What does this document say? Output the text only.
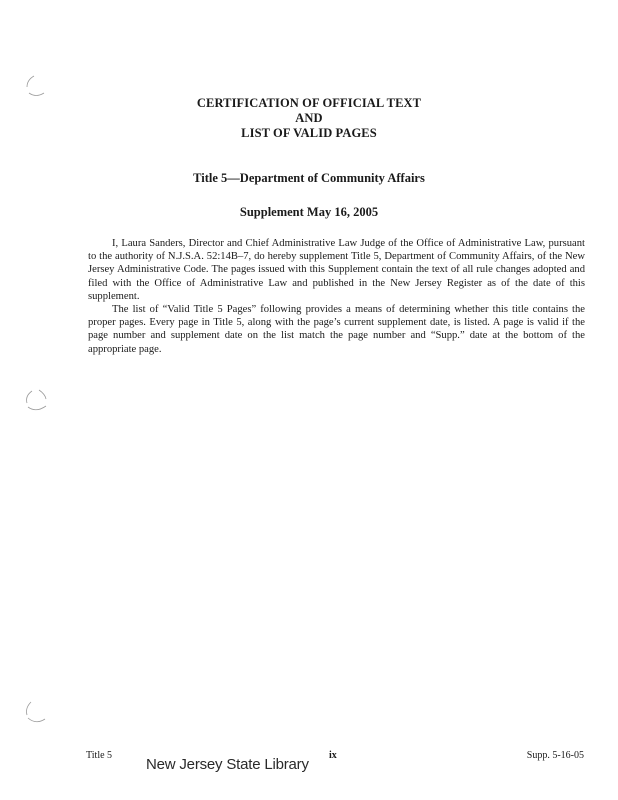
CERTIFICATION OF OFFICIAL TEXT
AND
LIST OF VALID PAGES
Title 5—Department of Community Affairs
Supplement May 16, 2005

I, Laura Sanders, Director and Chief Administrative Law Judge of the Office of Administrative Law, pursuant to the authority of N.J.S.A. 52:14B–7, do hereby supplement Title 5, Department of Community Affairs, of the New Jersey Administrative Code. The pages issued with this Supplement contain the text of all rule changes adopted and filed with the Office of Administrative Law and published in the New Jersey Register as of the date of this supplement.

The list of “Valid Title 5 Pages” following provides a means of determining whether this title contains the proper pages. Every page in Title 5, along with the page’s current supplement date, is listed. A page is valid if the page number and supplement date on the list match the page number and “Supp.” date at the bottom of the appropriate page.

Title 5	ix	Supp. 5-16-05
New Jersey State Library
